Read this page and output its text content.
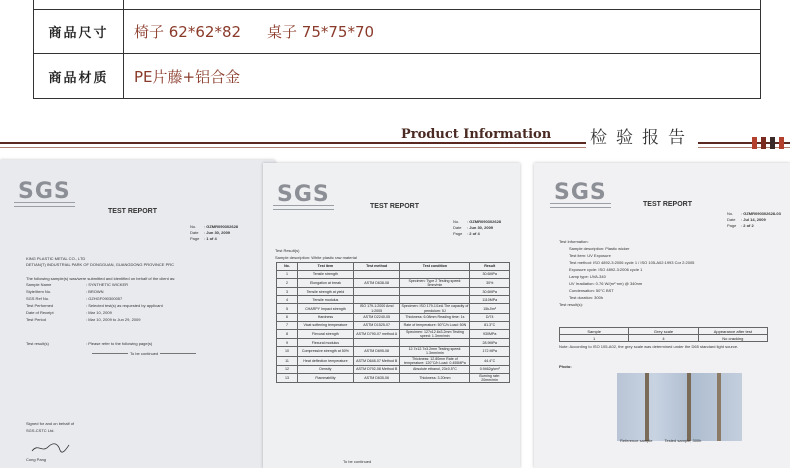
商品尺寸	椅子 62*62*82 桌子 75*75*70
商品材质	PE片藤+铝合金
Product Information 检验报告
SGS
TEST REPORT
No. : GZMR090302628
Date : Jun 30, 2009
Page : 1 of 4
KING PLASTIC METAL CO., LTD
DETIAN(T) INDUSTRIAL PARK OF DONGGUAN, GUANGDONG PROVINCE PRC
The following sample(s) was/were submitted and identified on behalf of the client as:
Sample Name	: SYNTHETIC WICKER
Style/Item No.	: BROWN
SGS Ref No.	: GZHGF090300057
Test Performed	: Selected test(s) as requested by applicant
Date of Receipt	: Mar 10, 2009
Test Period	: Mar 10, 2009 to Jun 29, 2009
Test result(s)	: Please refer to the following page(s)
To be continued
Signed for and on behalf of
SGS-CSTC Ltd.
Cong Pang
SGS	TEST REPORT
No. : GZMR090302628
Date : Jun 30, 2009
Page : 2 of 4
Test Result(s)
Sample description: White plastic raw material
No.	Test item	Test method	Test condition	Result
1	Tensile strength			30.6MPa
2	Elongation at break	ASTM D638-08	Specimen: Type 2 Testing speed: 5mm/min	30%
3	Tensile strength at yield			30.6MPa
4	Tensile modulus			1110MPa
5	CHARPY Impact strength	ISO 179-1:2000 Amd 1:2005	Specimen: ISO 179-1/1eA The capacity of pendulum: 5J	15kJ/m²
6	Hardness	ASTM D2240-05	Thickness: 6.08mm Reading time: 1s	D/74
7	Vicat softening temperature	ASTM D1525-07	Rate of temperature: 50°C/h Load: 50N	81.3°C
8	Flexural strength	ASTM D790-07 method A	Specimen: 127x12.6x3.2mm Testing speed: 1.3mm/min	930MPa
9	Flexural modulus			28.9MPa
10	Compressive strength at 50%	ASTM D695-08	12.7x12.7x3.2mm Testing speed: 1.3mm/min	172 MPa
11	Heat deflection temperature	ASTM D648-07 Method B	Thickness: 12.80mm Rate of temperature: 120°C/h Load: 0.455MPa	44.4°C
12	Density	ASTM D792-08 Method B	Absolute ethanol, 23±0.5°C	0.9462g/cm³
13	Flammability	ASTM D635-06	Thickness: 3.20mm	Burning rate: 20mm/min
To be continued
SGS	TEST REPORT
No. : GZMR090302628-03
Date : Jul 14, 2009
Page : 2 of 2
Test Information:
Sample description: Plastic wicker
Test item: UV Exposure
Test method: ISO 4892-3:2006 cycle 1 / ISO 105-A02:1993 Cor 2:2005
Exposure cycle: ISO 4892-3:2006 cycle 1
Lamp type: UVA-340
UV Irradiation: 0.76 W/(m²·nm) @ 340nm
Condensation: 50°C BST
Test duration: 300h
Test result(s):
Sample	Grey scale	Appearance after test
1	4	No cracking
Note: According to ISO 105-A02, the grey scale was determined under the D65 standard light source.
Photo:
Reference sample	Tested sample, 300h
